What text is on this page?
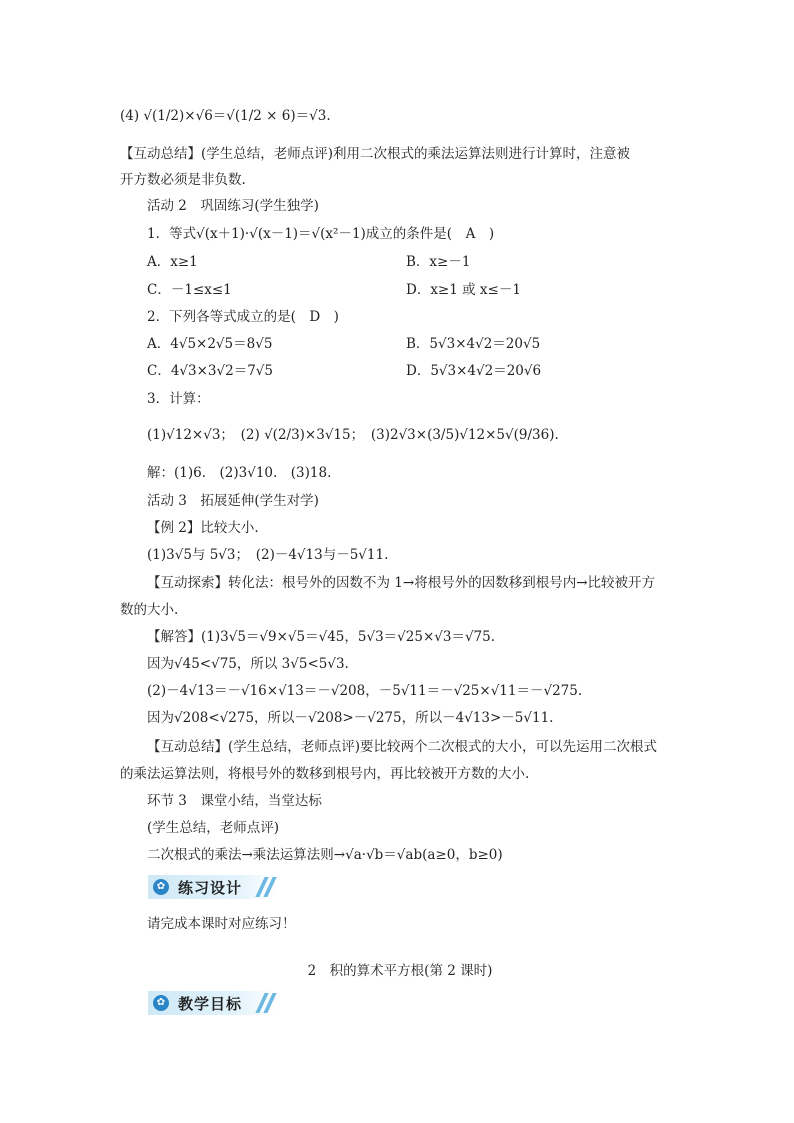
(4) √(1/2)×√6＝√(1/2 × 6)＝√3.
【互动总结】(学生总结，老师点评)利用二次根式的乘法运算法则进行计算时，注意被
开方数必须是非负数.
活动 2　巩固练习(学生独学)
1．等式√(x＋1)·√(x－1)＝√(x²－1)成立的条件是(　A　)
A．x≥1	B．x≥－1
C．－1≤x≤1	D．x≥1 或 x≤－1
2．下列各等式成立的是(　D　)
A．4√5×2√5＝8√5	B．5√3×4√2＝20√5
C．4√3×3√2＝7√5	D．5√3×4√2＝20√6
3．计算：
(1)√12×√3；　(2) √(2/3)×3√15；　(3)2√3×(3/5)√12×5√(9/36).
解：(1)6.　(2)3√10.　(3)18.
活动 3　拓展延伸(学生对学)
【例 2】比较大小.
(1)3√5与 5√3；　(2)－4√13与－5√11.
【互动探索】转化法：根号外的因数不为 1→将根号外的因数移到根号内→比较被开方
数的大小.
【解答】(1)3√5＝√9×√5＝√45，5√3＝√25×√3＝√75.
因为√45<√75，所以 3√5<5√3.
(2)－4√13＝－√16×√13＝－√208，－5√11＝－√25×√11＝－√275.
因为√208<√275，所以－√208>－√275，所以－4√13>－5√11.
【互动总结】(学生总结，老师点评)要比较两个二次根式的大小，可以先运用二次根式
的乘法运算法则，将根号外的数移到根号内，再比较被开方数的大小.
环节 3　课堂小结，当堂达标
(学生总结，老师点评)
二次根式的乘法→乘法运算法则→√a·√b＝√ab(a≥0，b≥0)
✿ 练习设计
请完成本课时对应练习！
2　积的算术平方根(第 2 课时)
✿ 教学目标
